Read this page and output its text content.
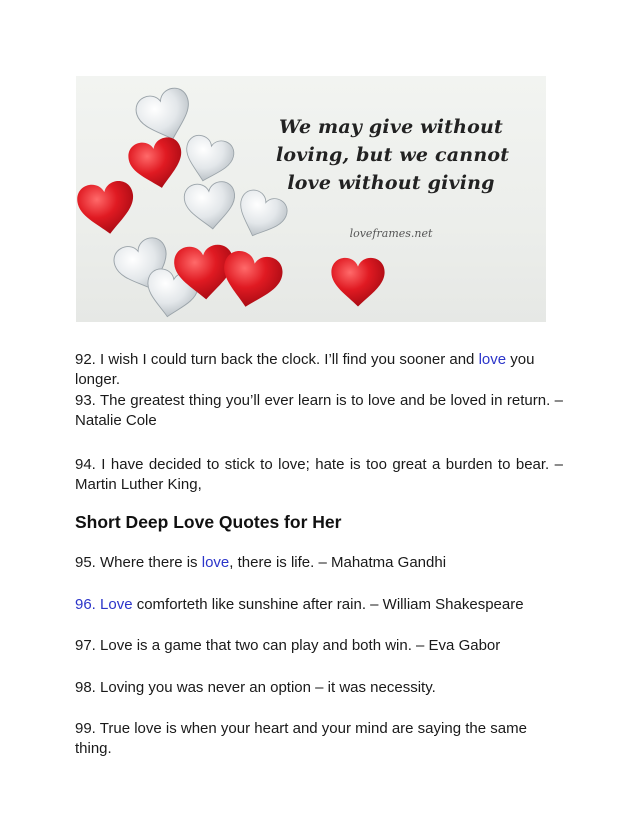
We may give without
loving, but we cannot
love without giving
loveframes.net

92. I wish I could turn back the clock. I’ll find you sooner and love you longer.

93. The greatest thing you’ll ever learn is to love and be loved in return. – Natalie Cole

94. I have decided to stick to love; hate is too great a burden to bear. – Martin Luther King,

Short Deep Love Quotes for Her

95. Where there is love, there is life. – Mahatma Gandhi

96. Love comforteth like sunshine after rain. – William Shakespeare

97. Love is a game that two can play and both win. – Eva Gabor

98. Loving you was never an option – it was necessity.

99. True love is when your heart and your mind are saying the same thing.
